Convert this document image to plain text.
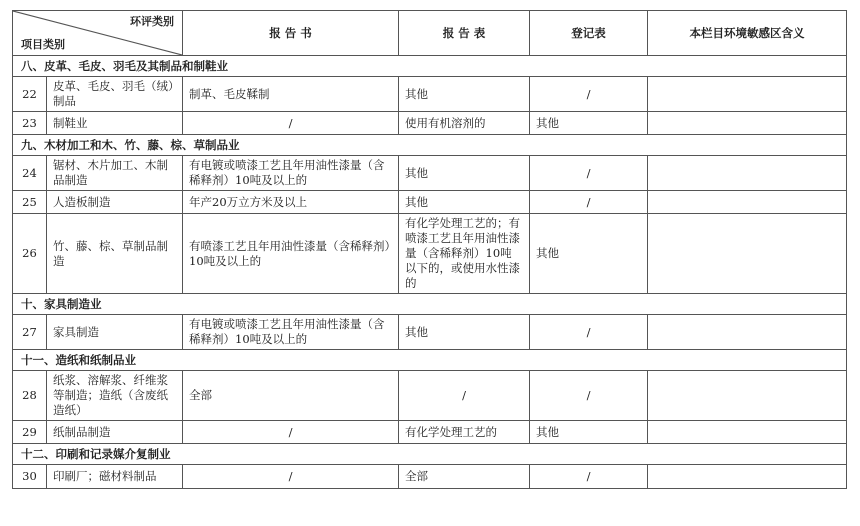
环评类别
项目类别		报 告 书	报 告 表	登记表	本栏目环境敏感区含义
八、皮革、毛皮、羽毛及其制品和制鞋业					
22	皮革、毛皮、羽毛（绒）制品	制革、毛皮鞣制	其他	/	
23	制鞋业	/	使用有机溶剂的	其他	
九、木材加工和木、竹、藤、棕、草制品业					
24	锯材、木片加工、木制品制造	有电镀或喷漆工艺且年用油性漆量（含稀释剂）10吨及以上的	其他	/	
25	人造板制造	年产20万立方米及以上	其他	/	
26	竹、藤、棕、草制品制造	有喷漆工艺且年用油性漆量（含稀释剂）10吨及以上的	有化学处理工艺的；有喷漆工艺且年用油性漆量（含稀释剂）10吨以下的，或使用水性漆的	其他	
十、家具制造业					
27	家具制造	有电镀或喷漆工艺且年用油性漆量（含稀释剂）10吨及以上的	其他	/	
十一、造纸和纸制品业					
28	纸浆、溶解浆、纤维浆等制造；造纸（含废纸造纸）	全部	/	/	
29	纸制品制造	/	有化学处理工艺的	其他	
十二、印刷和记录媒介复制业					
30	印刷厂；磁材料制品	/	全部	/	
